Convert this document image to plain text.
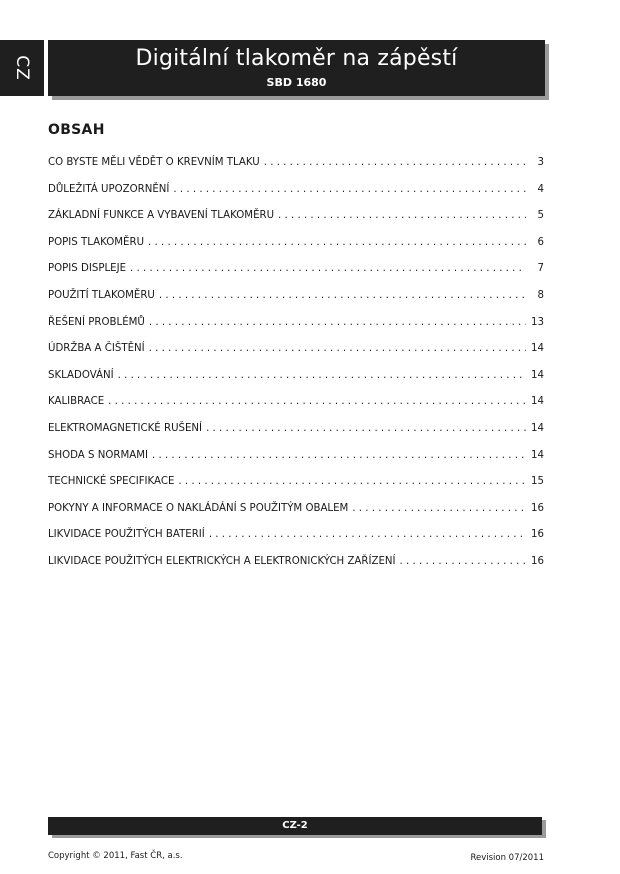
CZ	Digitální tlakoměr na zápěstí
SBD 1680
OBSAH
CO BYSTE MĚLI VĚDĚT O KREVNÍM TLAKU . . .	3
DŮLEŽITÁ UPOZORNĚNÍ . . .	4
ZÁKLADNÍ FUNKCE A VYBAVENÍ TLAKOMĚRU . . .	5
POPIS TLAKOMĚRU . . .	6
POPIS DISPLEJE . . .	7
POUŽITÍ TLAKOMĚRU . . .	8
ŘEŠENÍ PROBLÉMŮ . . .	13
ÚDRŽBA A ČIŠTĚNÍ . . .	14
SKLADOVÁNÍ . . .	14
KALIBRACE . . .	14
ELEKTROMAGNETICKÉ RUŠENÍ . . .	14
SHODA S NORMAMI . . .	14
TECHNICKÉ SPECIFIKACE . . .	15
POKYNY A INFORMACE O NAKLÁDÁNÍ S POUŽITÝM OBALEM . . .	16
LIKVIDACE POUŽITÝCH BATERIÍ . . .	16
LIKVIDACE POUŽITÝCH ELEKTRICKÝCH A ELEKTRONICKÝCH ZAŘÍZENÍ . . .	16
CZ-2
Copyright © 2011, Fast ČR, a.s.	Revision 07/2011
